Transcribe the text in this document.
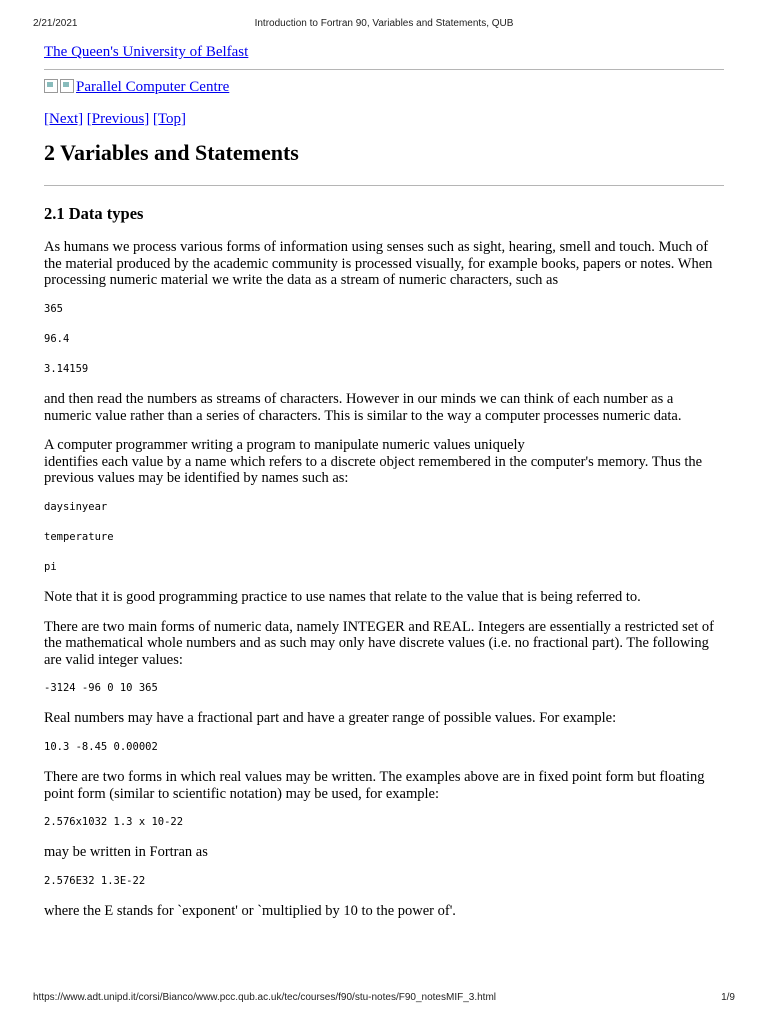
2/21/2021	Introduction to Fortran 90, Variables and Statements, QUB
The Queen's University of Belfast
Parallel Computer Centre
[Next] [Previous] [Top]
2 Variables and Statements
2.1 Data types

As humans we process various forms of information using senses such as sight, hearing, smell and touch. Much of the material produced by the academic community is processed visually, for example books, papers or notes. When processing numeric material we write the data as a stream of numeric characters, such as

365

96.4

3.14159

and then read the numbers as streams of characters. However in our minds we can think of each number as a numeric value rather than a series of characters. This is similar to the way a computer processes numeric data.

A computer programmer writing a program to manipulate numeric values uniquely

identifies each value by a name which refers to a discrete object remembered in the computer's memory. Thus the previous values may be identified by names such as:

daysinyear

temperature

pi

Note that it is good programming practice to use names that relate to the value that is being referred to.

There are two main forms of numeric data, namely INTEGER and REAL. Integers are essentially a restricted set of the mathematical whole numbers and as such may only have discrete values (i.e. no fractional part). The following are valid integer values:

-3124 -96 0 10 365

Real numbers may have a fractional part and have a greater range of possible values. For example:

10.3 -8.45 0.00002

There are two forms in which real values may be written. The examples above are in fixed point form but floating point form (similar to scientific notation) may be used, for example:

2.576x1032 1.3 x 10-22

may be written in Fortran as

2.576E32 1.3E-22

where the E stands for `exponent' or `multiplied by 10 to the power of'.

https://www.adt.unipd.it/corsi/Bianco/www.pcc.qub.ac.uk/tec/courses/f90/stu-notes/F90_notesMIF_3.html	1/9
